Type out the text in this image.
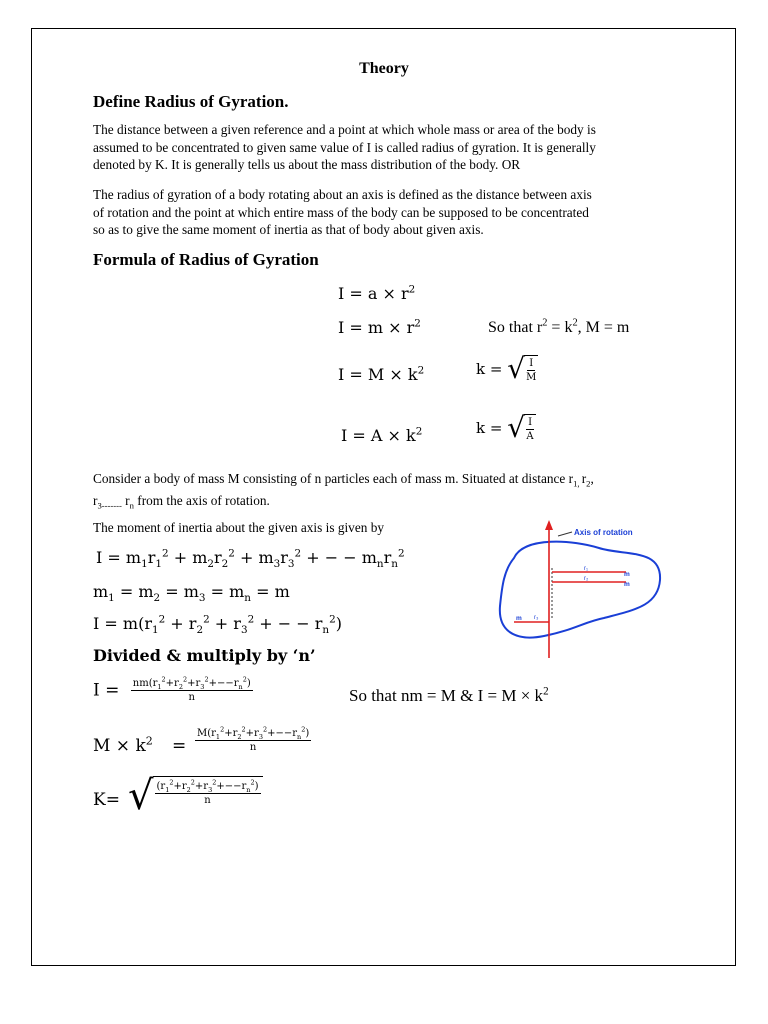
Theory
Define Radius of Gyration.
The distance between a given reference and a point at which whole mass or area of the body is
assumed to be concentrated to given same value of I is called radius of gyration. It is generally
denoted by K. It is generally tells us about the mass distribution of the body. OR
The radius of gyration of a body rotating about an axis is defined as the distance between axis
of rotation and the point at which entire mass of the body can be supposed to be concentrated
so as to give the same moment of inertia as that of body about given axis.
Formula of Radius of Gyration
$I = a \times r^2$
$I = m \times r^2$	So that $r^2 = k^2$, M = m
$I = M \times k^2$	k = √ $\frac{I}{M}$
$I = A \times k^2$	k = √ $\frac{I}{A}$
Consider a body of mass M consisting of n particles each of mass m. Situated at distance $r_{1,}$ $r_2$,
$r_{3-------}$ $r_n$ from the axis of rotation.
The moment of inertia about the given axis is given by
$I = m_1r_1^2 + m_2r_2^2 + m_3r_3^2$ + − − $m_nr_n^2$
$m_1 = m_2 = m_3 = m_n = m$
$I = m(r_1^2 + r_2^2 + r_3^2$ + − − $r_n^2$)
Divided & multiply by ‘n’
$I = \frac{nm(r_1^2+r_2^2+r_3^2+--r_n^2)}{n}$	So that nm = M & $I = M \times k^2$
$M \times k^2 = \frac{M(r_1^2+r_2^2+r_3^2+--r_n^2)}{n}$
K= √ $\frac{(r_1^2+r_2^2+r_3^2+--r_n^2)}{n}$
Axis of rotation
r₁
m
r₂
m
m r₃
